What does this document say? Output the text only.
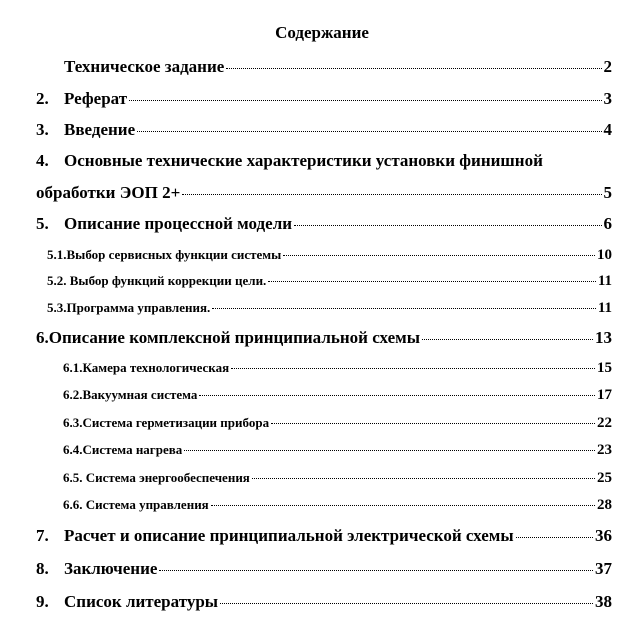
Содержание
Техническое задание	2
2. Реферат	3
3. Введение	4
4. Основные технические характеристики установки финишной
обработки ЭОП 2+	5
5. Описание процессной модели	6
5.1.Выбор сервисных функции системы	10
5.2. Выбор функций коррекции цели.	11
5.3.Программа управления.	11
6.Описание комплексной принципиальной схемы	13
6.1.Камера технологическая	15
6.2.Вакуумная система	17
6.3.Система герметизации прибора	22
6.4.Система нагрева	23
6.5. Система энергообеспечения	25
6.6. Система управления	28
7. Расчет и описание принципиальной электрической схемы	36
8. Заключение	37
9. Список литературы	38
